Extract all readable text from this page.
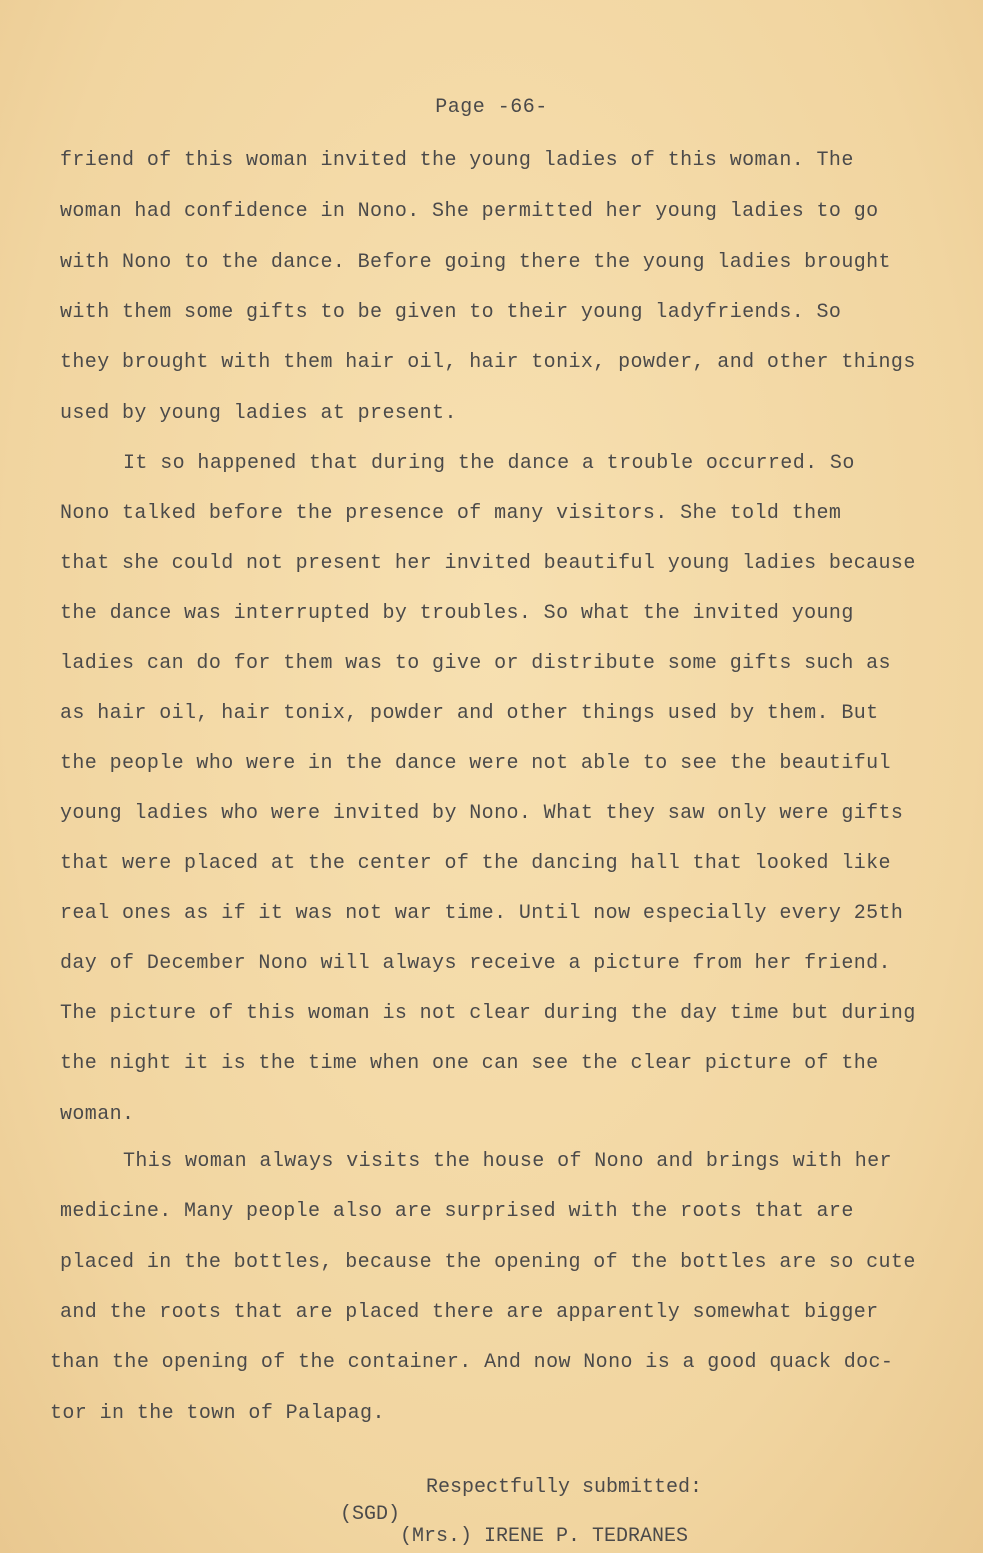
Page -66-
friend of this woman invited the young ladies of this woman. The
woman had confidence in Nono. She permitted her young ladies to go
with Nono to the dance. Before going there the young ladies brought
with them some gifts to be given to their young ladyfriends. So
they brought with them hair oil, hair tonix, powder, and other things
used by young ladies at present.
It so happened that during the dance a trouble occurred. So
Nono talked before the presence of many visitors. She told them
that she could not present her invited beautiful young ladies because
the dance was interrupted by troubles. So what the invited young
ladies can do for them was to give or distribute some gifts such as
as hair oil, hair tonix, powder and other things used by them. But
the people who were in the dance were not able to see the beautiful
young ladies who were invited by Nono. What they saw only were gifts
that were placed at the center of the dancing hall that looked like
real ones as if it was not war time. Until now especially every 25th
day of December Nono will always receive a picture from her friend.
The picture of this woman is not clear during the day time but during
the night it is the time when one can see the clear picture of the
woman.
This woman always visits the house of Nono and brings with her
medicine. Many people also are surprised with the roots that are
placed in the bottles, because the opening of the bottles are so cute
and the roots that are placed there are apparently somewhat bigger
than the opening of the container. And now Nono is a good quack doc-
tor in the town of Palapag.
Respectfully submitted:
(SGD)
(Mrs.) IRENE P. TEDRANES
